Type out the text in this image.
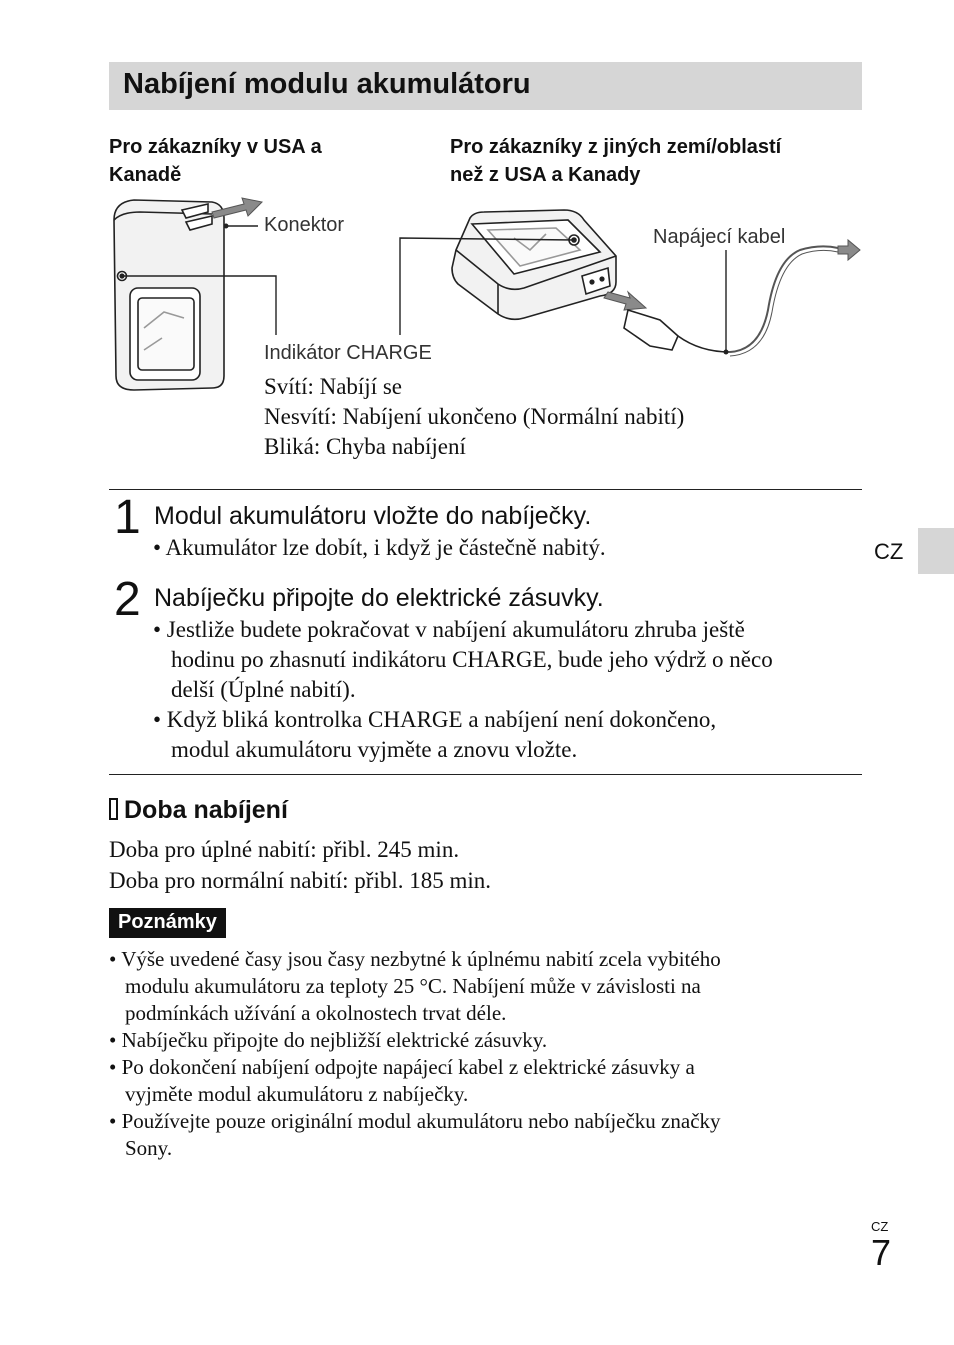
Nabíjení modulu akumulátoru
Pro zákazníky v USA a
Kanadě
Pro zákazníky z jiných zemí/oblastí
než z USA a Kanady
Konektor
Napájecí kabel
Indikátor CHARGE
Svítí: Nabíjí se
Nesvítí: Nabíjení ukončeno (Normální nabití)
Bliká: Chyba nabíjení
1 Modul akumulátoru vložte do nabíječky.
• Akumulátor lze dobít, i když je částečně nabitý.
2 Nabíječku připojte do elektrické zásuvky.
• Jestliže budete pokračovat v nabíjení akumulátoru zhruba ještě
hodinu po zhasnutí indikátoru CHARGE, bude jeho výdrž o něco
delší (Úplné nabití).
• Když bliká kontrolka CHARGE a nabíjení není dokončeno,
modul akumulátoru vyjměte a znovu vložte.
CZ
Doba nabíjení
Doba pro úplné nabití: přibl. 245 min.
Doba pro normální nabití: přibl. 185 min.
Poznámky
• Výše uvedené časy jsou časy nezbytné k úplnému nabití zcela vybitého
modulu akumulátoru za teploty 25 °C. Nabíjení může v závislosti na
podmínkách užívání a okolnostech trvat déle.
• Nabíječku připojte do nejbližší elektrické zásuvky.
• Po dokončení nabíjení odpojte napájecí kabel z elektrické zásuvky a
vyjměte modul akumulátoru z nabíječky.
• Používejte pouze originální modul akumulátoru nebo nabíječku značky
Sony.
CZ
7
